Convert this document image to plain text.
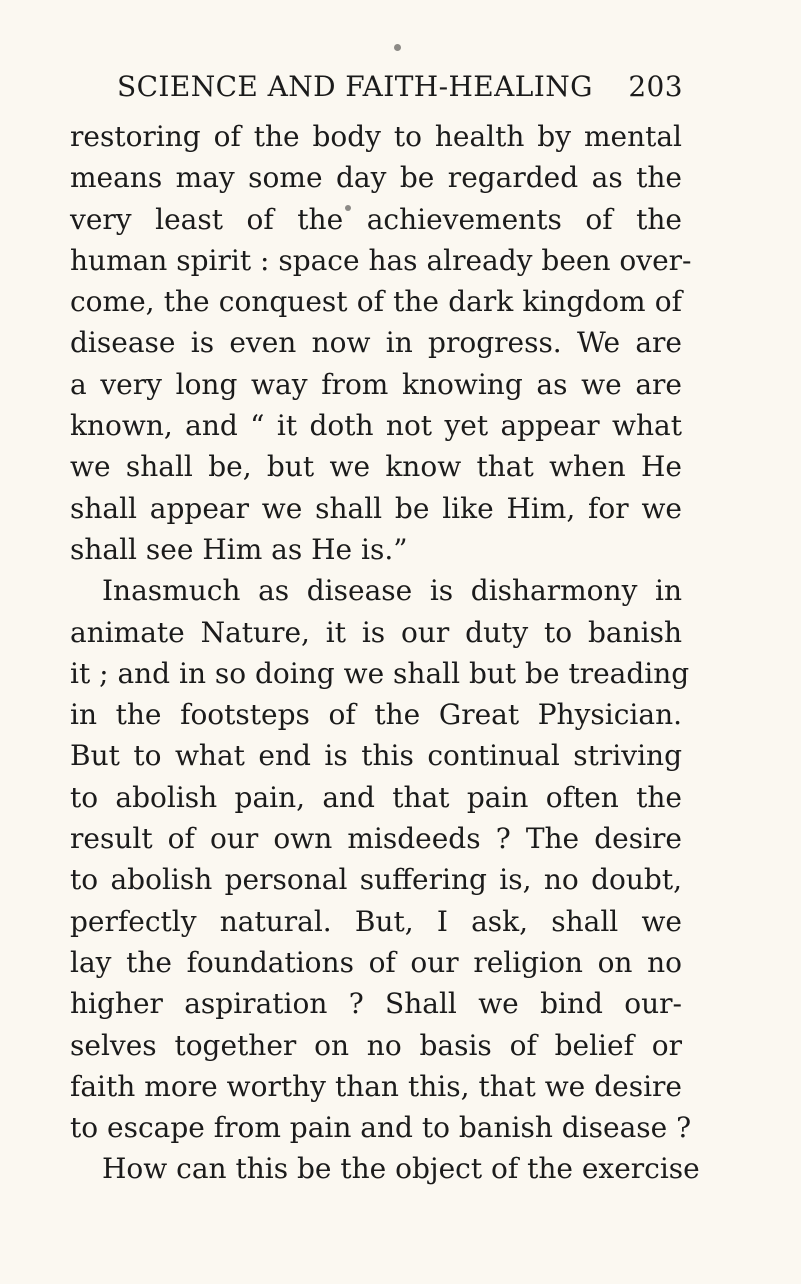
SCIENCE AND FAITH-HEALING 203
restoring of the body to health by mental
means may some day be regarded as the
very least of the achievements of the
human spirit : space has already been over-
come, the conquest of the dark kingdom of
disease is even now in progress. We are
a very long way from knowing as we are
known, and “ it doth not yet appear what
we shall be, but we know that when He
shall appear we shall be like Him, for we
shall see Him as He is.”
Inasmuch as disease is disharmony in
animate Nature, it is our duty to banish
it ; and in so doing we shall but be treading
in the footsteps of the Great Physician.
But to what end is this continual striving
to abolish pain, and that pain often the
result of our own misdeeds ? The desire
to abolish personal suffering is, no doubt,
perfectly natural. But, I ask, shall we
lay the foundations of our religion on no
higher aspiration ? Shall we bind our-
selves together on no basis of belief or
faith more worthy than this, that we desire
to escape from pain and to banish disease ?
How can this be the object of the exercise
